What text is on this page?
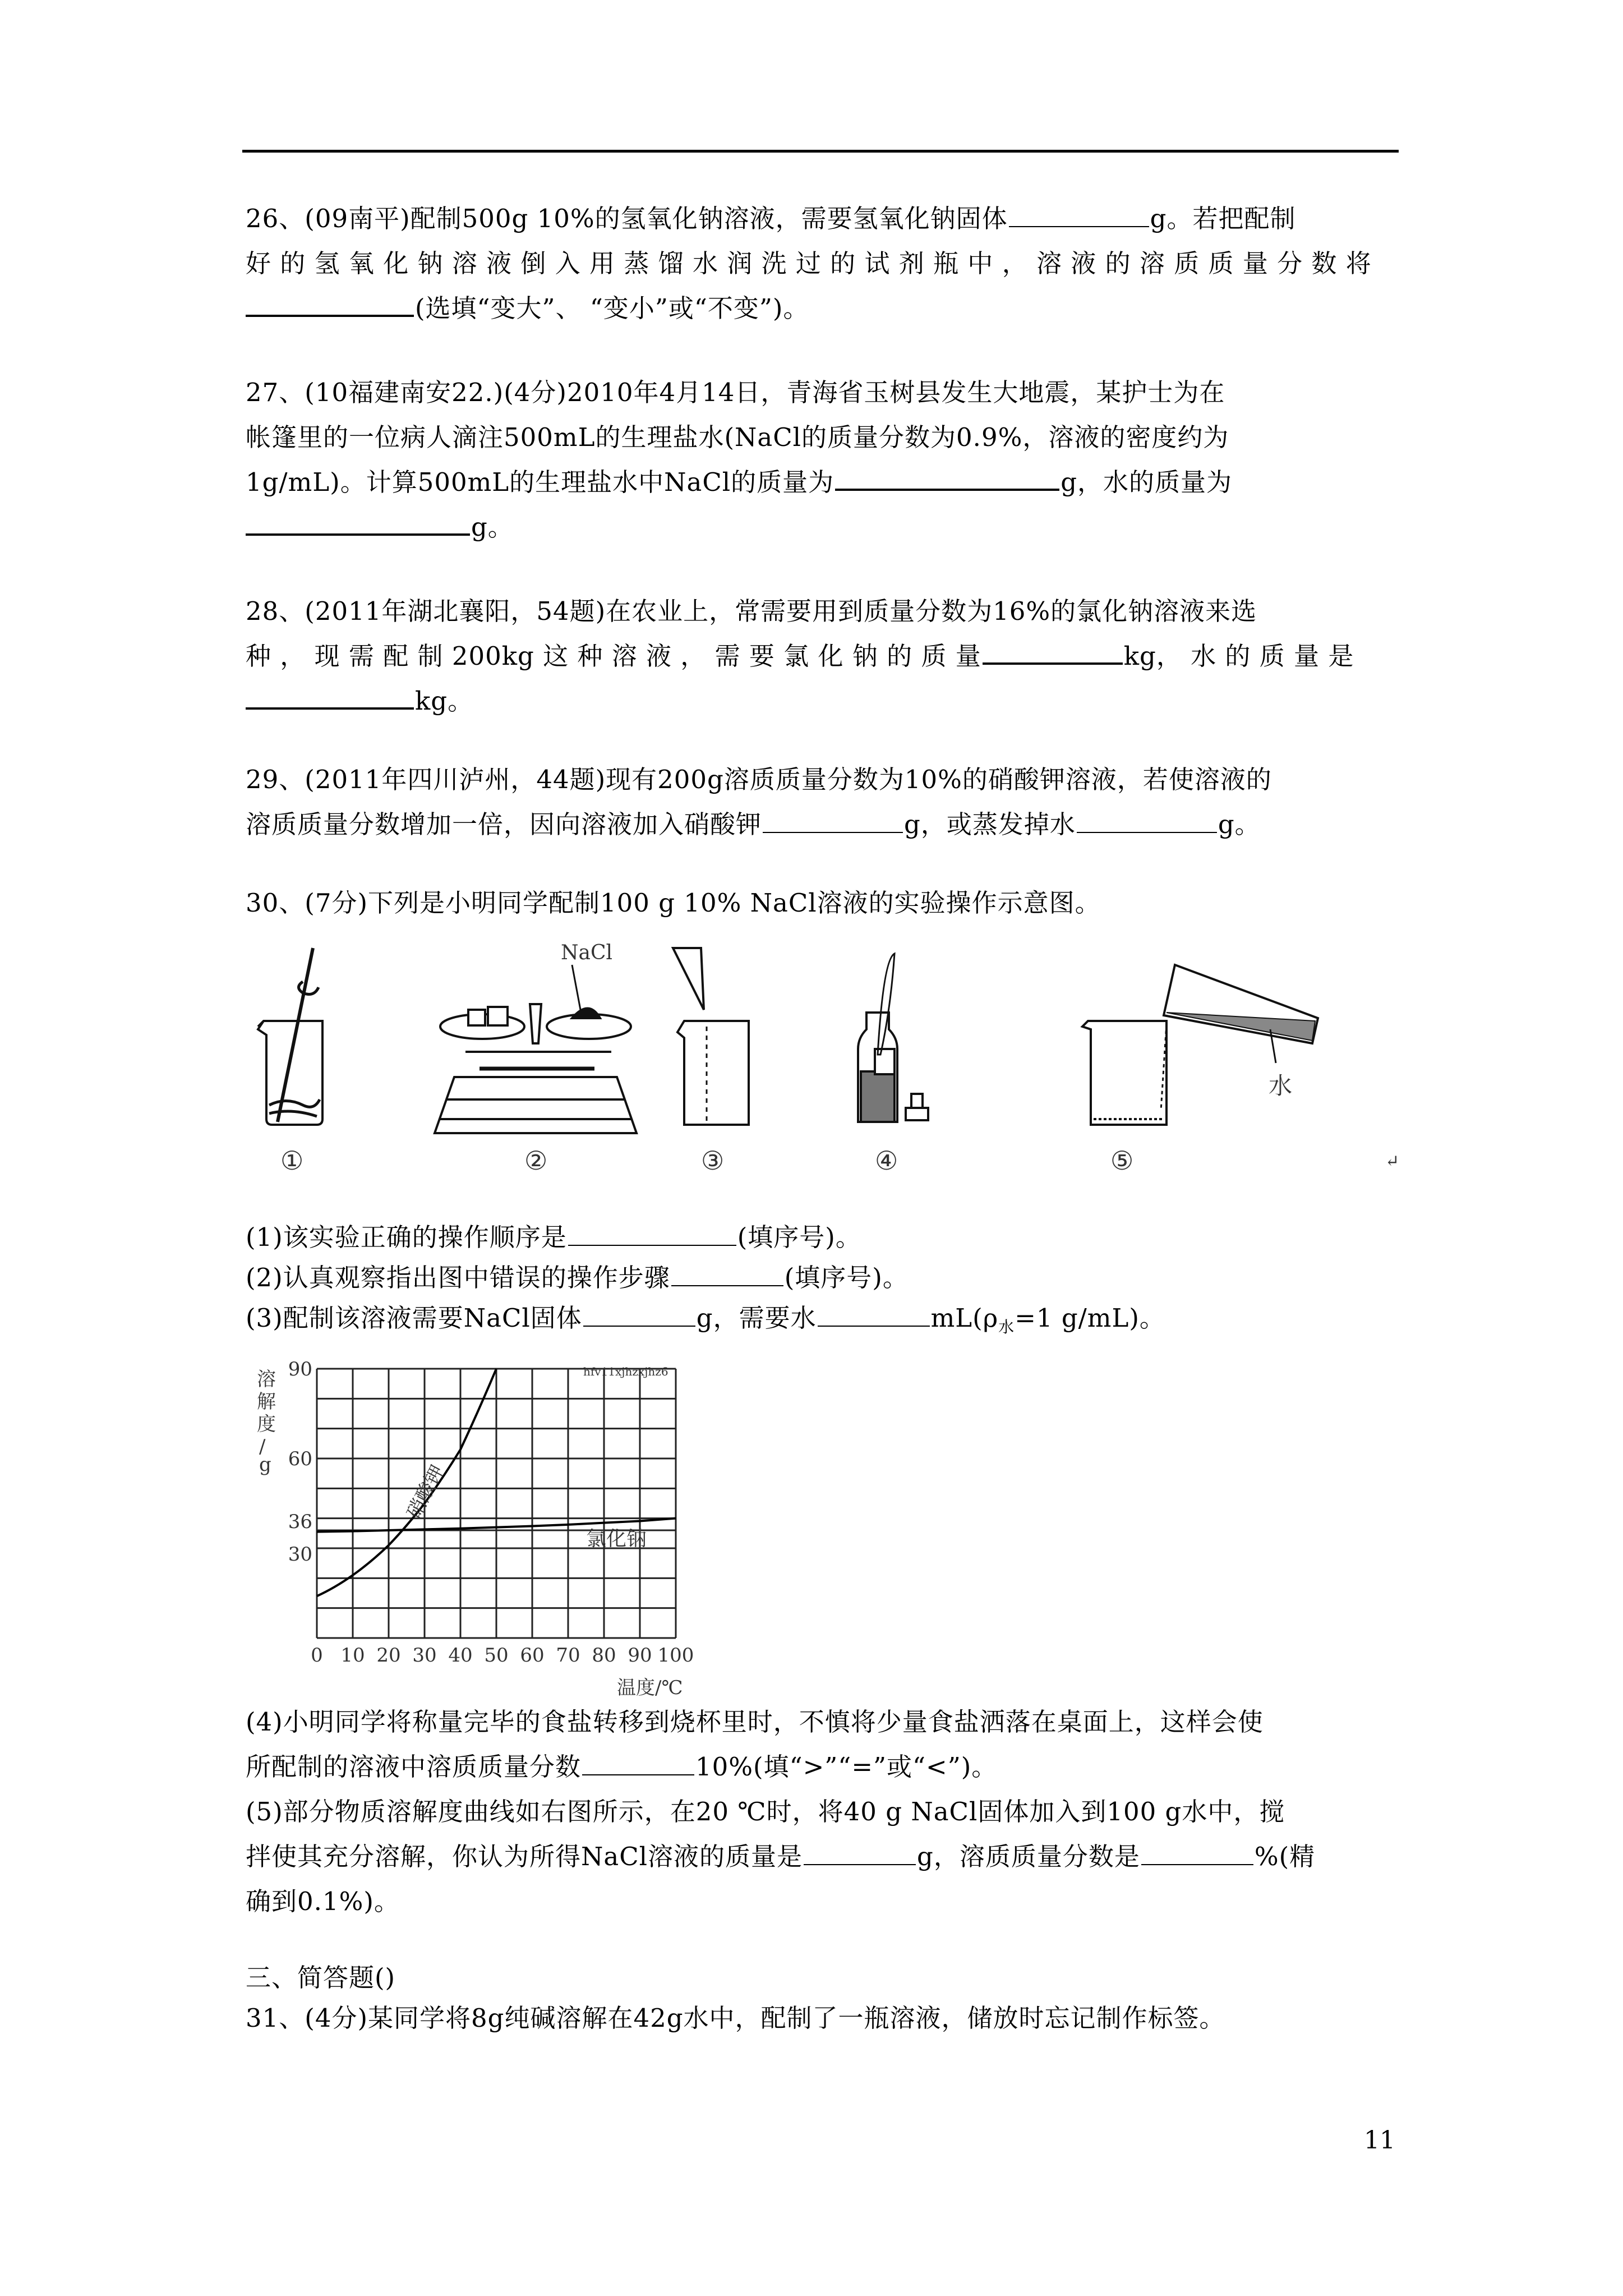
26、(09南平)配制500g 10%的氢氧化钠溶液，需要氢氧化钠固体	g。若把配制
好 的 氢 氧 化 钠 溶 液 倒 入 用 蒸 馏 水 润 洗 过 的 试 剂 瓶 中 ， 溶 液 的 溶 质 质 量 分 数 将
(选填“变大”、 “变小”或“不变”)。
27、(10福建南安22.)(4分)2010年4月14日，青海省玉树县发生大地震，某护士为在
帐篷里的一位病人滴注500mL的生理盐水(NaCl的质量分数为0.9%，溶液的密度约为
1g/mL)。计算500mL的生理盐水中NaCl的质量为	g，水的质量为
g。
28、(2011年湖北襄阳，54题)在农业上，常需要用到质量分数为16%的氯化钠溶液来选
种 ， 现 需 配 制 200kg 这 种 溶 液 ， 需 要 氯 化 钠 的 质 量	kg， 水 的 质 量 是
kg。
29、(2011年四川泸州，44题)现有200g溶质质量分数为10%的硝酸钾溶液，若使溶液的
溶质质量分数增加一倍，因向溶液加入硝酸钾	g，或蒸发掉水	g。
30、(7分)下列是小明同学配制100 g 10% NaCl溶液的实验操作示意图。
NaCl
水
①	②	③	④	⑤	↵
(1)该实验正确的操作顺序是	(填序号)。
(2)认真观察指出图中错误的操作步骤	(填序号)。
(3)配制该溶液需要NaCl固体	g，需要水	$mL(\rho_水=1$ g/mL)。
0 10 20 30 40 50 60 70 80 90 100
30
36
60
90
溶解度/ g
温度/℃
hfv11xjhzxjhz6
氯化钠
硝酸钾
(4)小明同学将称量完毕的食盐转移到烧杯里时，不慎将少量食盐洒落在桌面上，这样会使
所配制的溶液中溶质质量分数	10%(填“>”“=”或“<”)。
(5)部分物质溶解度曲线如右图所示，在20 ℃时，将40 g NaCl固体加入到100 g水中，搅
拌使其充分溶解，你认为所得NaCl溶液的质量是	g，溶质质量分数是	%(精
确到0.1%)。
三、简答题()
31、(4分)某同学将8g纯碱溶解在42g水中，配制了一瓶溶液，储放时忘记制作标签。
11
